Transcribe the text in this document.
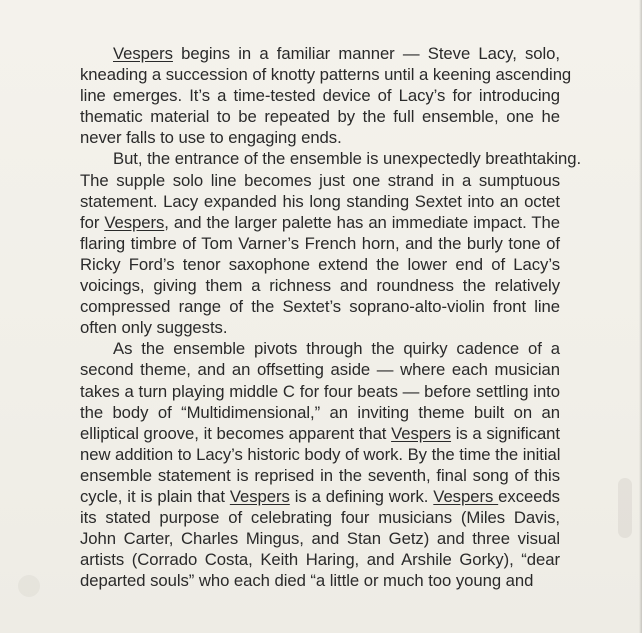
Vespers begins in a familiar manner — Steve Lacy, solo,
kneading a succession of knotty patterns until a keening ascending
line emerges. It’s a time-tested device of Lacy’s for introducing
thematic material to be repeated by the full ensemble, one he
never falls to use to engaging ends.
But, the entrance of the ensemble is unexpectedly breathtaking.
The supple solo line becomes just one strand in a sumptuous
statement. Lacy expanded his long standing Sextet into an octet
for Vespers, and the larger palette has an immediate impact. The
flaring timbre of Tom Varner’s French horn, and the burly tone of
Ricky Ford’s tenor saxophone extend the lower end of Lacy’s
voicings, giving them a richness and roundness the relatively
compressed range of the Sextet’s soprano-alto-violin front line
often only suggests.
As the ensemble pivots through the quirky cadence of a
second theme, and an offsetting aside — where each musician
takes a turn playing middle C for four beats — before settling into
the body of “Multidimensional,” an inviting theme built on an
elliptical groove, it becomes apparent that Vespers is a significant
new addition to Lacy’s historic body of work. By the time the initial
ensemble statement is reprised in the seventh, final song of this
cycle, it is plain that Vespers is a defining work. Vespers exceeds
its stated purpose of celebrating four musicians (Miles Davis,
John Carter, Charles Mingus, and Stan Getz) and three visual
artists (Corrado Costa, Keith Haring, and Arshile Gorky), “dear
departed souls” who each died “a little or much too young and
